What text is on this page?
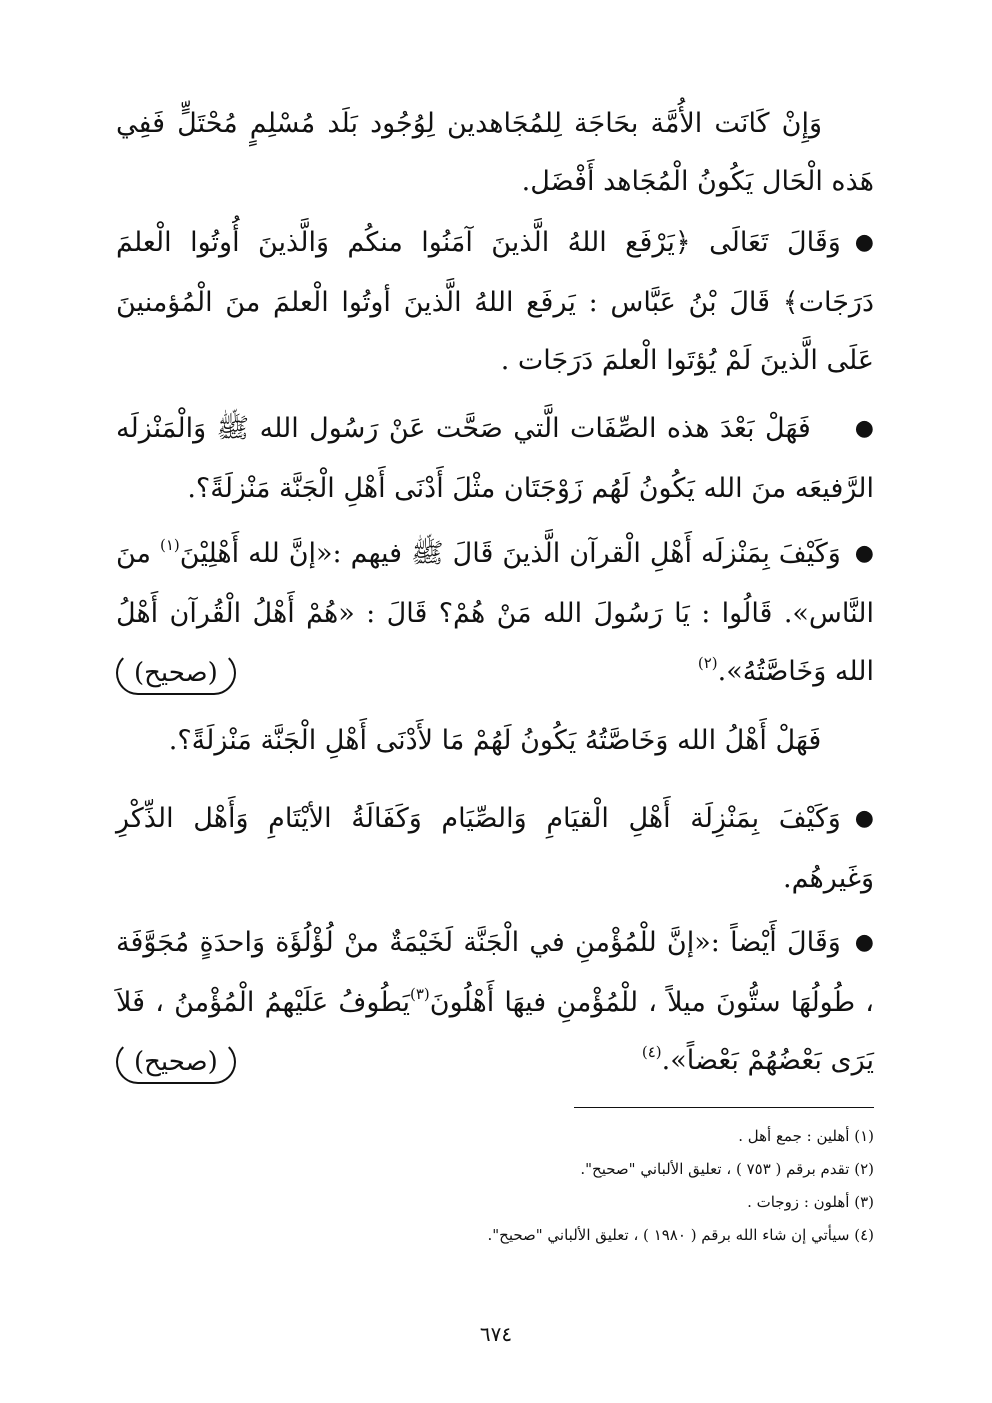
وَإِنْ كَانَت الأُمَّة بحَاجَة لِلمُجَاهدين لِوُجُود بَلَد مُسْلِمٍ مُحْتَلٍّ فَفِي هَذه الْحَال يَكُونُ الْمُجَاهد أَفْضَل.
●وَقَالَ تَعَالَى ﴿يَرْفَع اللهُ الَّذينَ آمَنُوا منكُم وَالَّذينَ أُوتُوا الْعلمَ دَرَجَات﴾ قَالَ بْنُ عَبَّاس : يَرفَع اللهُ الَّذينَ أوتُوا الْعلمَ منَ الْمُؤمنينَ عَلَى الَّذينَ لَمْ يُؤتَوا الْعلمَ دَرَجَات .
●فَهَلْ بَعْدَ هذه الصِّفَات الَّتي صَحَّت عَنْ رَسُول الله ﷺ وَالْمَنْزلَه الرَّفيعَه منَ الله يَكُونُ لَهُم زَوْجَتَان مثْلَ أَدْنَى أَهْلِ الْجَنَّة مَنْزلَةً؟.
●وَكَيْفَ بِمَنْزلَه أَهْلِ الْقرآن الَّذينَ قَالَ ﷺ فيهم :«إنَّ لله أَهْلِيْنَ$^{(١)}$ منَ النَّاس». قَالُوا : يَا رَسُولَ الله مَنْ هُمْ؟ قَالَ : «هُمْ أَهْلُ الْقُرآن أَهْلُ الله وَخَاصَّتُهُ».$^{(٢)}$
(صحيح)
فَهَلْ أَهْلُ الله وَخَاصَّتُهُ يَكُونُ لَهُمْ مَا لأَدْنَى أَهْلِ الْجَنَّة مَنْزلَةً؟.
●وَكَيْفَ بِمَنْزِلَة أَهْلِ الْقيَامِ وَالصِّيَام وَكَفَالَةُ الأيْتَامِ وَأَهْل الذِّكْرِ وَغَيرهُم.
●وَقَالَ أَيْضاً :«إنَّ للْمُؤْمنِ في الْجَنَّة لَخَيْمَةٌ منْ لُؤْلُؤَة وَاحدَةٍ مُجَوَّفَة ، طُولُهَا ستُّونَ ميلاً ، للْمُؤْمنِ فيهَا أَهْلُونَ$^{(٣)}$يَطُوفُ عَلَيْهمُ الْمُؤْمنُ ، فَلاَ يَرَى بَعْضُهُمْ بَعْضاً».$^{(٤)}$
(صحيح)
(١) أهلين : جمع أهل .
(٢) تقدم برقم ( ٧٥٣ ) ، تعليق الألباني "صحيح".
(٣) أهلون : زوجات .
(٤) سيأتي إن شاء الله برقم ( ١٩٨٠ ) ، تعليق الألباني "صحيح".
٦٧٤
